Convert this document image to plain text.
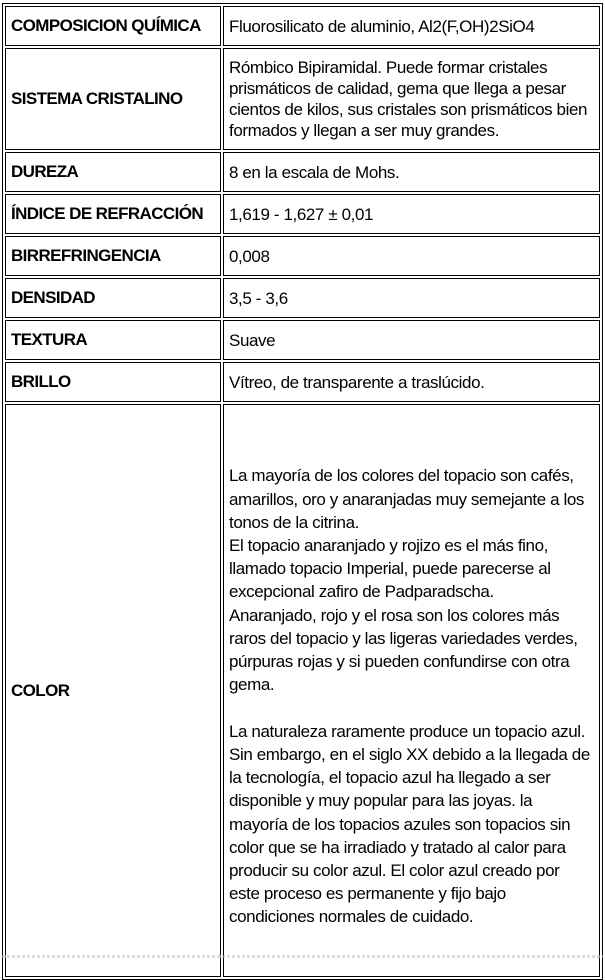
COMPOSICION QUÍMICA	Fluorosilicato de aluminio, Al2(F,OH)2SiO4
SISTEMA CRISTALINO	Rómbico Bipiramidal. Puede formar cristales prismáticos de calidad, gema que llega a pesar cientos de kilos, sus cristales son prismáticos bien formados y llegan a ser muy grandes.
DUREZA	8 en la escala de Mohs.
ÍNDICE DE REFRACCIÓN	1,619 - 1,627 ± 0,01
BIRREFRINGENCIA	0,008
DENSIDAD	3,5 - 3,6
TEXTURA	Suave
BRILLO	Vítreo, de transparente a traslúcido.
COLOR	La mayoría de los colores del topacio son cafés, amarillos, oro y anaranjadas muy semejante a los tonos de la citrina.
El topacio anaranjado y rojizo es el más fino, llamado topacio Imperial, puede parecerse al excepcional zafiro de Padparadscha.
Anaranjado, rojo y el rosa son los colores más raros del topacio y las ligeras variedades verdes, púrpuras rojas y si pueden confundirse con otra gema.

La naturaleza raramente produce un topacio azul. Sin embargo, en el siglo XX debido a la llegada de la tecnología, el topacio azul ha llegado a ser disponible y muy popular para las joyas. la mayoría de los topacios azules son topacios sin color que se ha irradiado y tratado al calor para producir su color azul. El color azul creado por este proceso es permanente y fijo bajo condiciones normales de cuidado.
